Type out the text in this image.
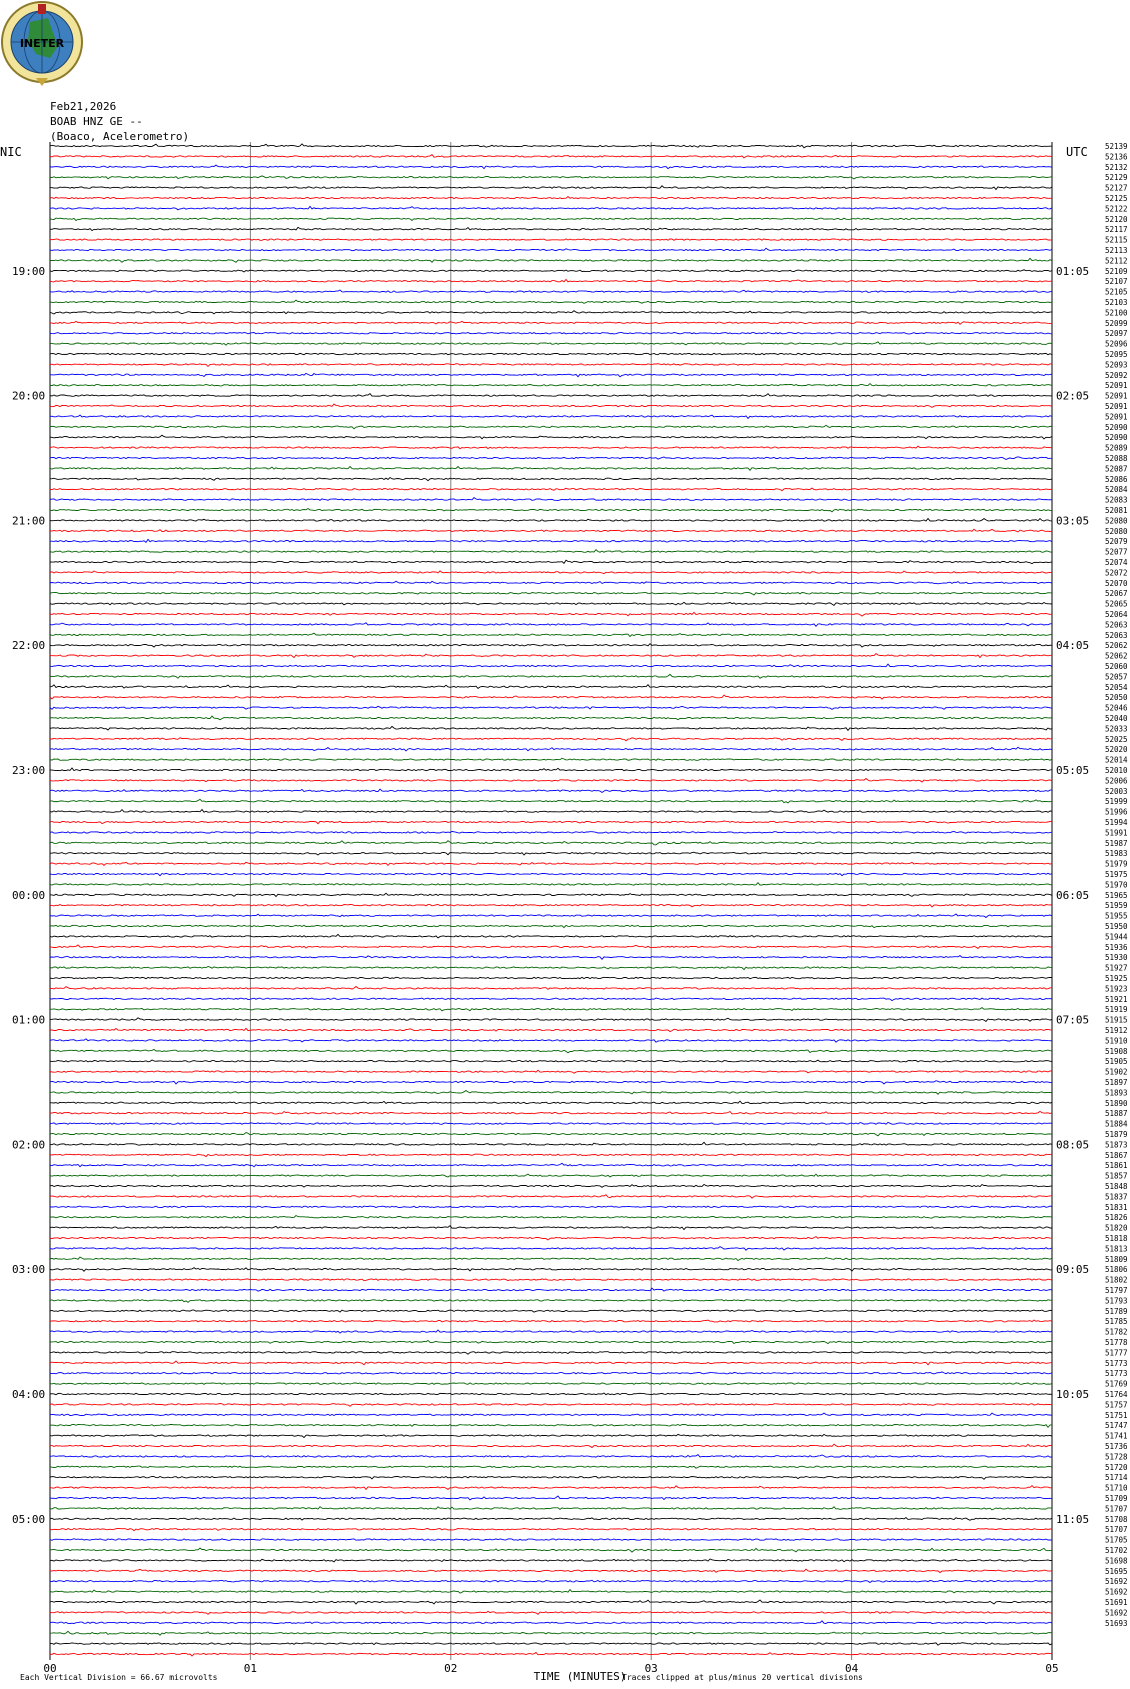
INETER
Feb21,2026
BOAB HNZ GE --
(Boaco, Acelerometro)
00	01	02	03	04	05
52139
52136
52132
52129
52127
52125
52122
52120
52117
52115
52113
52112
52109
52107
52105
52103
52100
52099
52097
52096
52095
52093
52092
52091
52091
52091
52091
52090
52090
52089
52088
52087
52086
52084
52083
52081
52080
52080
52079
52077
52074
52072
52070
52067
52065
52064
52063
52063
52062
52062
52060
52057
52054
52050
52046
52040
52033
52025
52020
52014
52010
52006
52003
51999
51996
51994
51991
51987
51983
51979
51975
51970
51965
51959
51955
51950
51944
51936
51930
51927
51925
51923
51921
51919
51915
51912
51910
51908
51905
51902
51897
51893
51890
51887
51884
51879
51873
51867
51861
51857
51848
51837
51831
51826
51820
51818
51813
51809
51806
51802
51797
51793
51789
51785
51782
51778
51777
51773
51773
51769
51764
51757
51751
51747
51741
51736
51728
51720
51714
51710
51709
51707
51708
51707
51705
51702
51698
51695
51692
51692
51691
51692
51693
19:00
20:00
21:00
22:00
23:00
00:00
01:00
02:00
03:00
04:00
05:00
01:05
02:05
03:05
04:05
05:05
06:05
07:05
08:05
09:05
10:05
11:05
NIC	UTC
TIME (MINUTES)
Each Vertical Division = 66.67 microvolts	Traces clipped at plus/minus 20 vertical divisions
